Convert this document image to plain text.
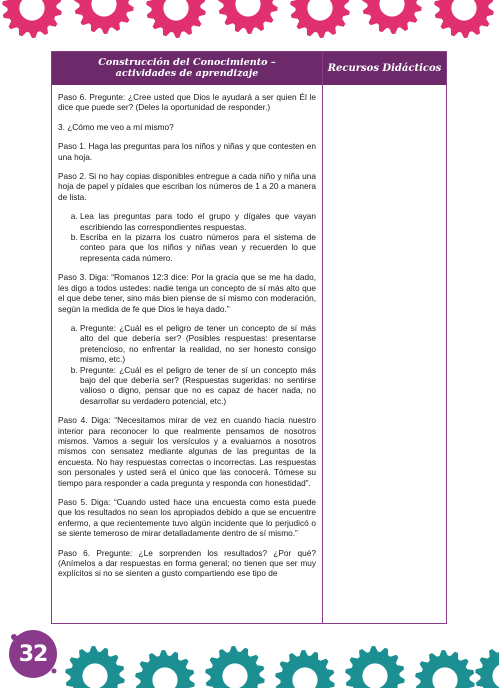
Construcción del Conocimiento –
actividades de aprendizaje	Recursos Didácticos

Paso 6. Pregunte: ¿Cree usted que Dios le ayudará a ser quien Él le dice que puede ser? (Deles la oportunidad de responder.)

3. ¿Cómo me veo a mí mismo?

Paso 1. Haga las preguntas para los niños y niñas y que contesten en una hoja.

Paso 2. Si no hay copias disponibles entregue a cada niño y niña una hoja de papel y pídales que escriban los números de 1 a 20 a manera de lista.

a. Lea las preguntas para todo el grupo y dígales que vayan escribiendo las correspondientes respuestas.
b. Escriba en la pizarra los cuatro números para el sistema de conteo para que los niños y niñas vean y recuerden lo que representa cada número.

Paso 3. Diga: “Romanos 12:3 dice: Por la gracia que se me ha dado, les digo a todos ustedes: nadie tenga un concepto de sí más alto que el que debe tener, sino más bien piense de sí mismo con moderación, según la medida de fe que Dios le haya dado.”

a. Pregunte: ¿Cuál es el peligro de tener un concepto de sí más alto del que debería ser? (Posibles respuestas: presentarse pretencioso, no enfrentar la realidad, no ser honesto consigo mismo, etc.)
b. Pregunte: ¿Cuál es el peligro de tener de sí un concepto más bajo del que debería ser? (Respuestas sugeridas: no sentirse valioso o digno, pensar que no es capaz de hacer nada, no desarrollar su verdadero potencial, etc.)

Paso 4. Diga: “Necesitamos mirar de vez en cuando hacia nuestro interior para reconocer lo que realmente pensamos de nosotros mismos. Vamos a seguir los versículos y a evaluarnos a nosotros mismos con sensatez mediante algunas de las preguntas de la encuesta. No hay respuestas correctas o incorrectas. Las respuestas son personales y usted será el único que las conocerá. Tómese su tiempo para responder a cada pregunta y responda con honestidad”.

Paso 5. Diga: “Cuando usted hace una encuesta como esta puede que los resultados no sean los apropiados debido a que se encuentre enfermo, a que recientemente tuvo algún incidente que lo perjudicó o se siente temeroso de mirar detalladamente dentro de sí mismo.”

Paso 6. Pregunte: ¿Le sorprenden los resultados? ¿Por qué? (Anímelos a dar respuestas en forma general; no tienen que ser muy explícitos si no se sienten a gusto compartiendo ese tipo de

32
